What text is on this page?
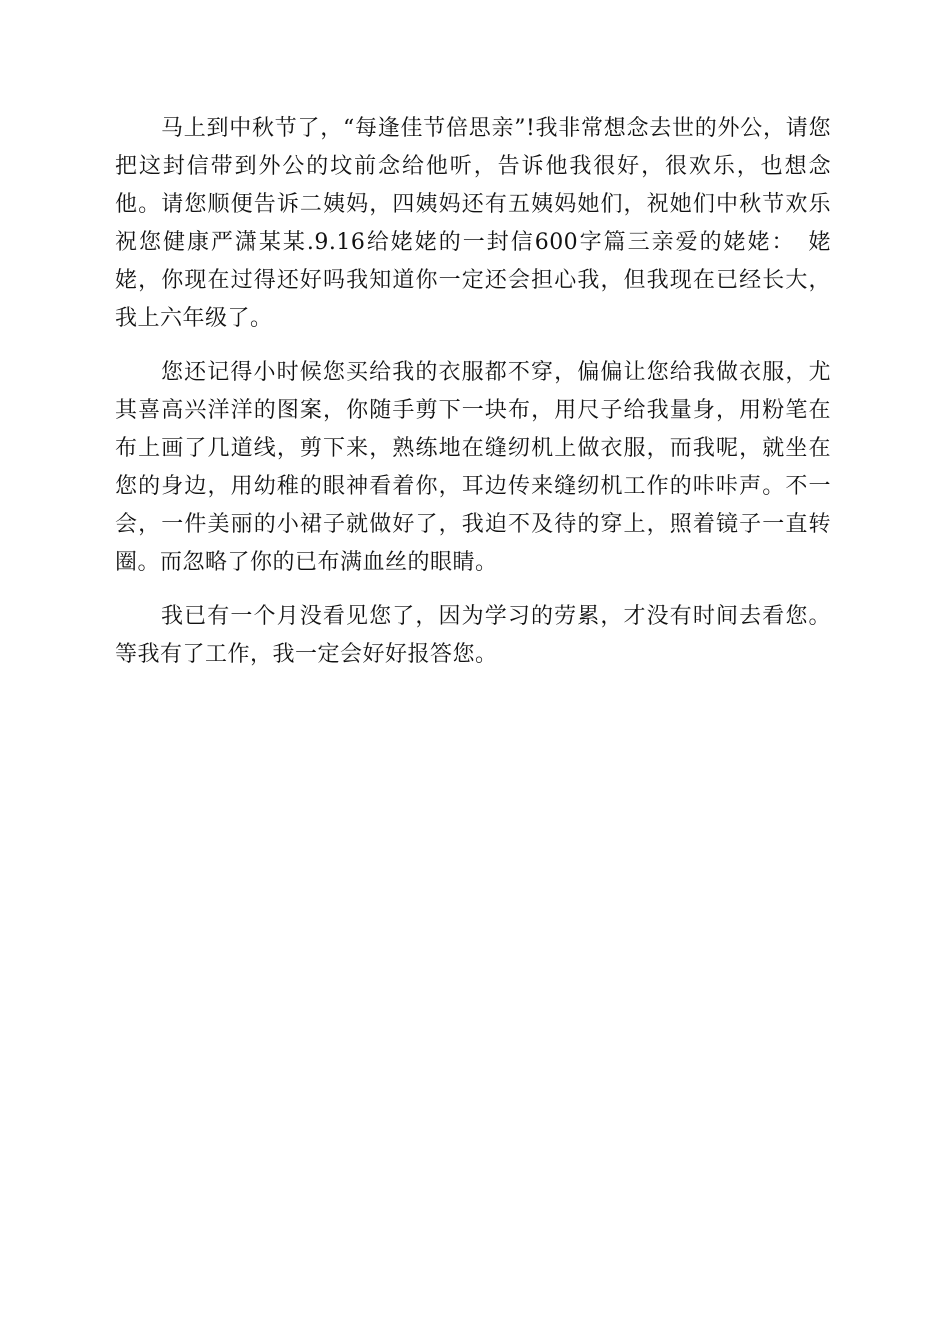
马上到中秋节了，“每逢佳节倍思亲”!我非常想念去世的外公，请您把这封信带到外公的坟前念给他听，告诉他我很好，很欢乐，也想念他。请您顺便告诉二姨妈，四姨妈还有五姨妈她们，祝她们中秋节欢乐祝您健康严潇某某.9.16给姥姥的一封信600字篇三亲爱的姥姥：　姥姥，你现在过得还好吗我知道你一定还会担心我，但我现在已经长大，我上六年级了。

您还记得小时候您买给我的衣服都不穿，偏偏让您给我做衣服，尤其喜高兴洋洋的图案，你随手剪下一块布，用尺子给我量身，用粉笔在布上画了几道线，剪下来，熟练地在缝纫机上做衣服，而我呢，就坐在您的身边，用幼稚的眼神看着你，耳边传来缝纫机工作的咔咔声。不一会，一件美丽的小裙子就做好了，我迫不及待的穿上，照着镜子一直转圈。而忽略了你的已布满血丝的眼睛。

我已有一个月没看见您了，因为学习的劳累，才没有时间去看您。等我有了工作，我一定会好好报答您。
